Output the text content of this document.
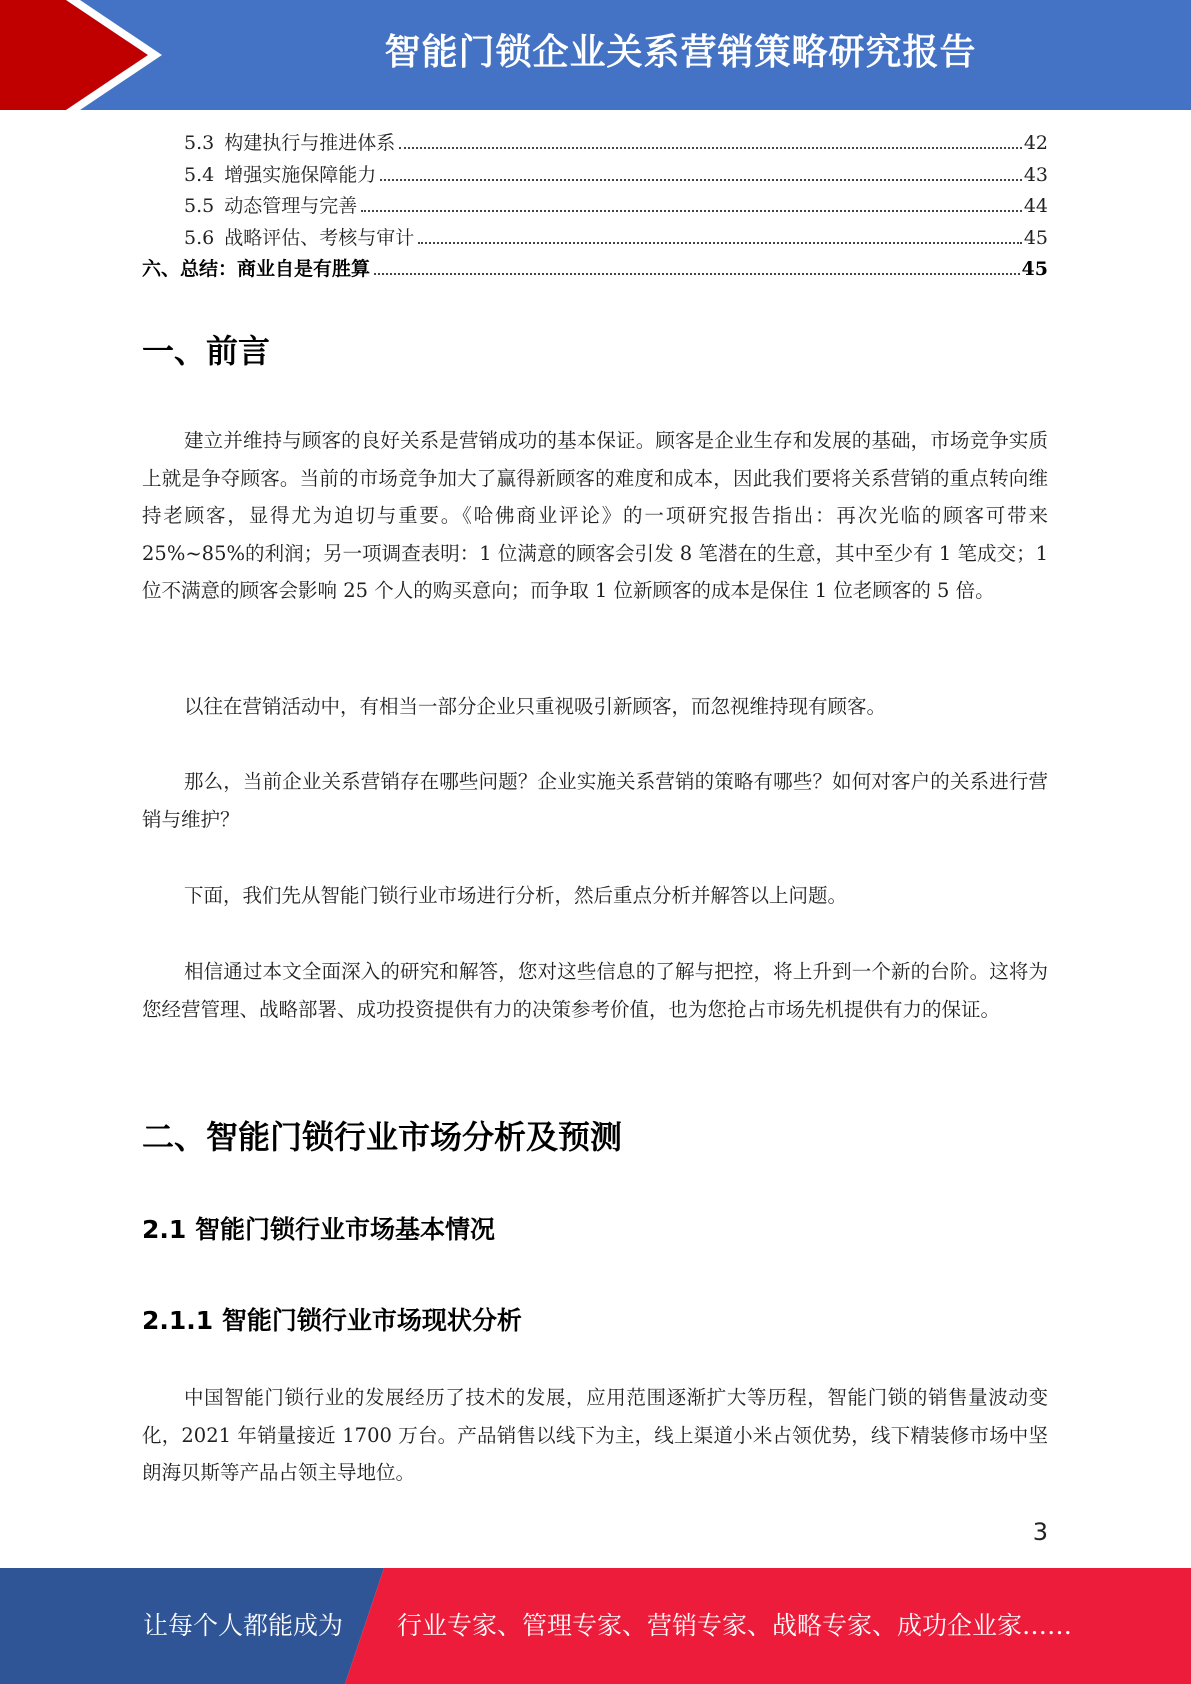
智能门锁企业关系营销策略研究报告
5.3 构建执行与推进体系	42
5.4 增强实施保障能力	43
5.5 动态管理与完善	44
5.6 战略评估、考核与审计	45
六、总结：商业自是有胜算	45
一、前言

建立并维持与顾客的良好关系是营销成功的基本保证。顾客是企业生存和发展的基础，市场竞争实质上就是争夺顾客。当前的市场竞争加大了赢得新顾客的难度和成本，因此我们要将关系营销的重点转向维持老顾客，显得尤为迫切与重要。《哈佛商业评论》的一项研究报告指出：再次光临的顾客可带来 25%~85%的利润；另一项调查表明：1 位满意的顾客会引发 8 笔潜在的生意，其中至少有 1 笔成交；1 位不满意的顾客会影响 25 个人的购买意向；而争取 1 位新顾客的成本是保住 1 位老顾客的 5 倍。

以往在营销活动中，有相当一部分企业只重视吸引新顾客，而忽视维持现有顾客。

那么，当前企业关系营销存在哪些问题？企业实施关系营销的策略有哪些？如何对客户的关系进行营销与维护？

下面，我们先从智能门锁行业市场进行分析，然后重点分析并解答以上问题。

相信通过本文全面深入的研究和解答，您对这些信息的了解与把控，将上升到一个新的台阶。这将为您经营管理、战略部署、成功投资提供有力的决策参考价值，也为您抢占市场先机提供有力的保证。

二、智能门锁行业市场分析及预测
2.1 智能门锁行业市场基本情况
2.1.1 智能门锁行业市场现状分析

中国智能门锁行业的发展经历了技术的发展，应用范围逐渐扩大等历程，智能门锁的销售量波动变化，2021 年销量接近 1700 万台。产品销售以线下为主，线上渠道小米占领优势，线下精装修市场中坚朗海贝斯等产品占领主导地位。

3
让每个人都能成为 行业专家、管理专家、营销专家、战略专家、成功企业家……
